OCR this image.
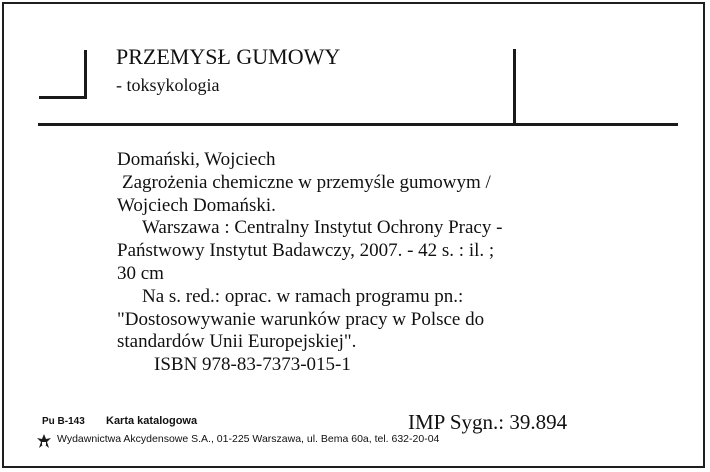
PRZEMYSŁ GUMOWY
- toksykologia
Domański, Wojciech
Zagrożenia chemiczne w przemyśle gumowym /
Wojciech Domański.
Warszawa : Centralny Instytut Ochrony Pracy -
Państwowy Instytut Badawczy, 2007. - 42 s. : il. ;
30 cm
Na s. red.: oprac. w ramach programu pn.:
"Dostosowywanie warunków pracy w Polsce do
standardów Unii Europejskiej".
ISBN 978-83-7373-015-1
IMP Sygn.: 39.894
Pu B-143 Karta katalogowa
Wydawnictwa Akcydensowe S.A., 01-225 Warszawa, ul. Bema 60a, tel. 632-20-04
